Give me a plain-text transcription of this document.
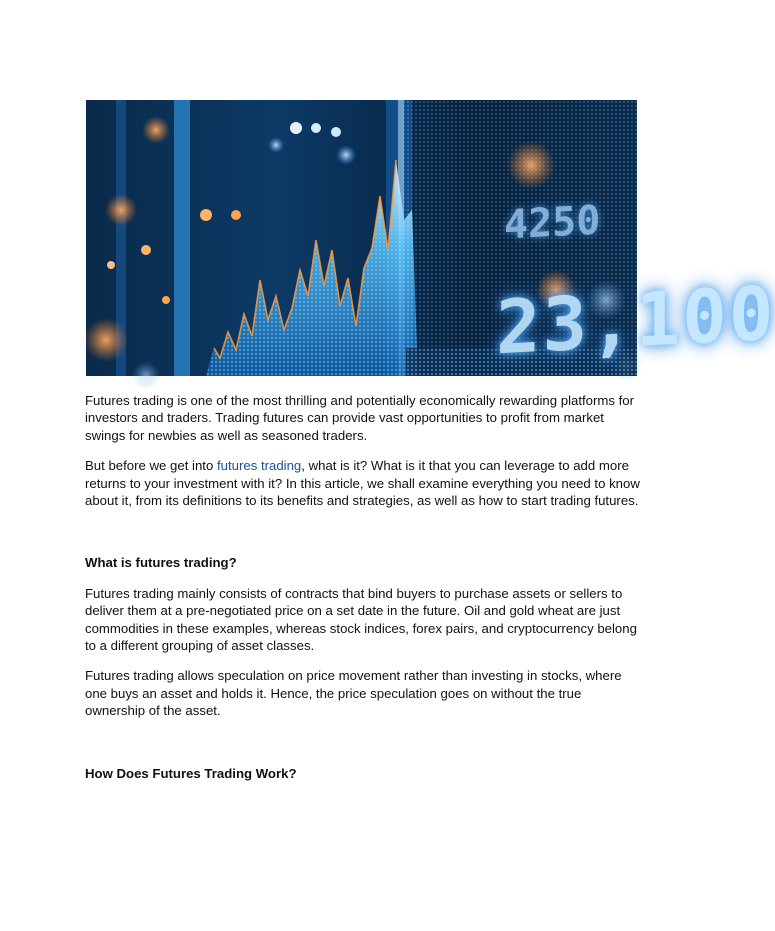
4250
23,100

Futures trading is one of the most thrilling and potentially economically rewarding platforms for investors and traders. Trading futures can provide vast opportunities to profit from market swings for newbies as well as seasoned traders.

But before we get into futures trading, what is it? What is it that you can leverage to add more returns to your investment with it? In this article, we shall examine everything you need to know about it, from its definitions to its benefits and strategies, as well as how to start trading futures.

What is futures trading?

Futures trading mainly consists of contracts that bind buyers to purchase assets or sellers to deliver them at a pre-negotiated price on a set date in the future. Oil and gold wheat are just commodities in these examples, whereas stock indices, forex pairs, and cryptocurrency belong to a different grouping of asset classes.

Futures trading allows speculation on price movement rather than investing in stocks, where one buys an asset and holds it. Hence, the price speculation goes on without the true ownership of the asset.

How Does Futures Trading Work?
